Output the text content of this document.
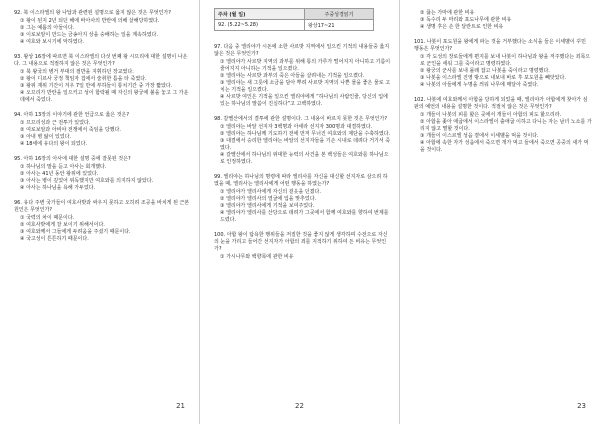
92. 북 이스라엘의 왕 나답과 관련된 설명으로 옳지 않은 것은 무엇인가?
① 왕이 된지 2년 되던 해에 바아사의 반란에 의해 살해당하였다.
② 그는 예롭의 아들이다.
③ 이로보암이 만드는 금송아지 상을 숭배하는 일을 계속하였다.
④ 여호와 보시기에 악하였다.
93. 왕상 16장에 따르면 북 이스라엘의 다섯 번째 왕 시므리에 대한 설명이 나온다. 그 내용으로 적절하지 않은 것은 무엇인가?
① 북 왕국의 병거 부대의 절반을 지휘하던 장교였다.
② 왕이 디르사 궁정 책임자 집에서 술취한 틈을 타 죽였다.
③ 왕위 재위 기간이 겨우 7일 만에 부하들이 통치기간 중 가장 짧았다.
④ 오므리가 반란을 일으키고 성이 함락될 때 자신의 왕궁에 불을 놓고 그 가운데에서 죽었다.
94. 아하 13장의 이야기에 관한 언급으로 옳은 것은?
① 므므리성과 근 전투가 있었다.
② 여로보암과 아비야 전쟁에서 죽임을 당했다.
③ 아내 병 앓이 있었다.
④ 18세에 유다의 왕이 되었다.
95. 아하 16장의 아사에 대한 설명 중에 잘못된 것은?
① 하나님의 말을 듣고 아사는 회개했다.
② 아사는 41년 동안 왕위에 있었다.
③ 아사는 병이 깊었어 위독했지만 여호와를 의지하지 않았다.
④ 아사는 하나님을 욕해 가두었다.
96. 유다 주변 국가들이 여호사밧과 싸우지 못하고 오히려 조공을 바치게 된 근본 원인은 무엇인가?
① 국력의 차이 때문이다.
② 여호사밧에게 잘 보이기 위해서이다.
③ 여호와께서 그들에게 두려움을 주셨기 때문이다.
④ 국고성이 튼튼하기 때문이다.
21
주차 (월 일)	주중성경읽기
92. (5.22~5.28)	왕상17~21
97. 다음 중 엘리야가 시돈에 소한 사르밧 지역에서 일으킨 기적의 내용들중 옳지 않은 것은 무엇인가?
① 엘리야가 사르밧 지역의 과부를 위해 통의 가루가 떨어지지 아니하고 기름이 줄어지지 아니하는 기적을 일으켰다.
② 엘리야는 사르밧 과부의 죽은 아들을 살려내는 기적을 일으켰다.
③ 엘리야는 새 그릇에 소금을 담아 뿌려 사르밧 지역의 나쁜 물을 좋은 물로 고치는 기적을 일으켰다.
④ 사르밧 여인은 기적을 일으킨 엘리야에게 “하나님의 사람인줄, 당신의 입에 있는 하나님의 말씀이 진실하다”고 고백하였다.
98. 갈멜산에서의 결투에 관한 설명이다. 그 내용이 바르지 못한 것은 무엇인가?
① 엘리야는 바알 선지자 3백명과 아세라 선지자 300명과 대결하였다.
② 엘리야는 하나님께 기도하기 전에 먼저 무너진 여호와의 제단을 수축하였다.
③ 대결에서 승리한 엘리야는 바알의 선지자들을 기손 시내로 데려다 거기서 죽였다.
④ 갈멜산에서 하나님의 위대한 능력의 사건을 본 백성들은 여호와를 하나님으로 인정하였다.
99. 엘리야는 하나님의 명령에 따라 엘리사를 자신을 대신할 선지자로 삼으려 하였을 때, 엘리사는 엘리사에게 어떤 행동을 하였는가?
① 엘리야가 엘리사에게 자신의 겉옷을 던졌다.
② 엘리야가 엘리사의 열굴에 입을 맞추었다.
③ 엘리야가 엘리사에게 기적을 보여주었다.
④ 엘리야가 엘리사를 산당으로 데려가 그곳에서 함께 여호와를 향하여 번제를 드렸다.
100. 아합 왕이 탐욕한 행위들을 저질한 것을 좋지 않게 생각하며 수전으로 자신의 눈을 가리고 들어간 선지자가 아합의 죄를 지적하기 위하여 든 비유는 무엇인가?
① 가시나무와 백향목에 관한 비유
22
② 끓는 가마에 관한 비유
③ 독수리 두 마리와 포도나무에 관한 비유
④ 생명 후은 손 한 달란트로 인한 비유
101. 나봇이 포도원을 왕에게 파는 것을 거부했다는 소식을 들은 이세벨이 꾸민 행동은 무엇인가?
① 각 도성의 장로들에게 편지를 보내 나봇이 하나님과 왕을 저주했다는 죄목으로 군인을 세워 그를 죽이라고 명령하였다.
② 왕궁의 군사를 보내 몰래 잡고 나봇을 죽이라고 명령했다.
③ 나봇을 이스라엘 진영 밖으로 내보내 바로 후 포도원을 빼앗았다.
④ 나봇의 아들에게 누명을 씌워 나무에 매달아 죽였다.
102. 나봇에 여호와께서 아합을 당하게 되었을 때, 엘리야가 아합에게 찾아가 심판의 예언의 내용을 설명한 것이다. 적절치 않은 것은 무엇인가?
① 개들이 나봇의 피를 핥은 곳에서 개들이 아합의 피도 핥으리라.
② 아합을 좇아 애굽에서 이스라엘이 출애굽 이하고 다니는 자는 남녀 노소를 가리지 않고 멸할 것이다.
③ 개들이 이스르엘 성읍 곁에서 이세벨을 먹을 것이다.
④ 아합에 속한 자가 성읍에서 죽으면 개가 먹고 들에서 죽으면 공중의 새가 먹을 것이다.
23
